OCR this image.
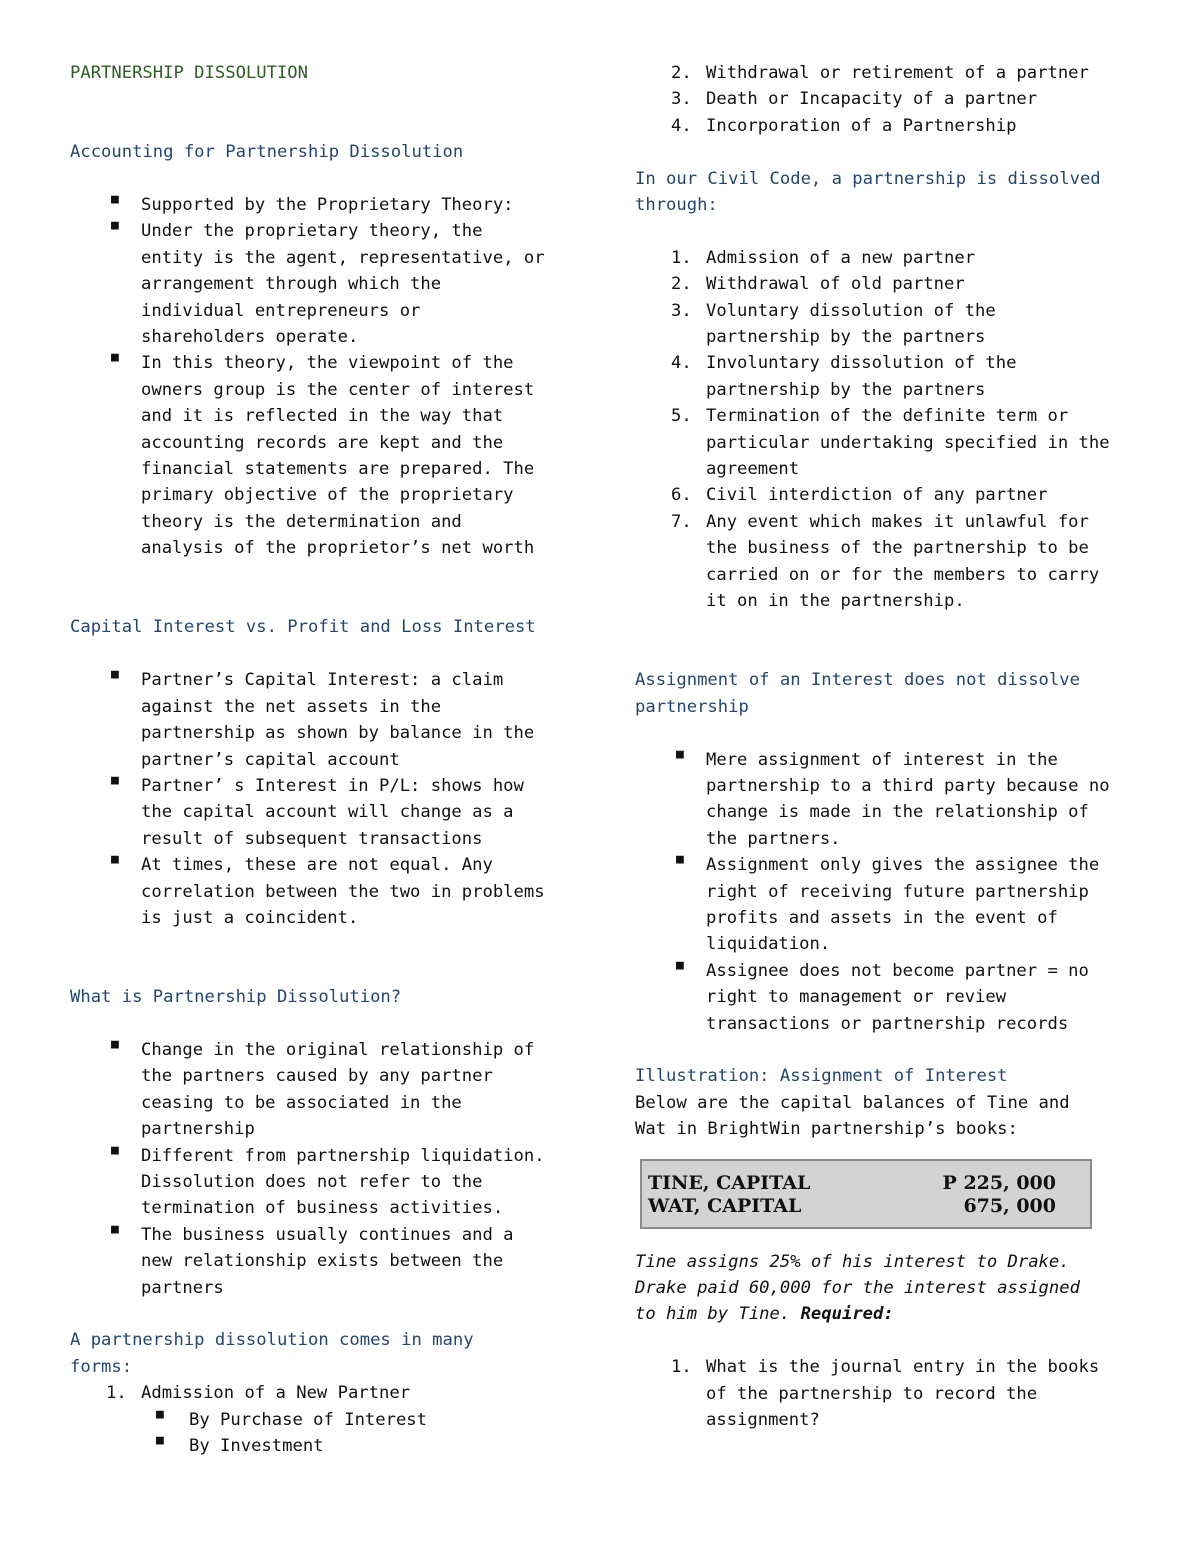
PARTNERSHIP DISSOLUTION

Accounting for Partnership Dissolution

■ Supported by the Proprietary Theory:

■ Under the proprietary theory, the

entity is the agent, representative, or

arrangement through which the

individual entrepreneurs or

shareholders operate.

■ In this theory, the viewpoint of the

owners group is the center of interest

and it is reflected in the way that

accounting records are kept and the

financial statements are prepared. The

primary objective of the proprietary

theory is the determination and

analysis of the proprietor’s net worth

Capital Interest vs. Profit and Loss Interest

■ Partner’s Capital Interest: a claim

against the net assets in the

partnership as shown by balance in the

partner’s capital account

■ Partner’ s Interest in P/L: shows how

the capital account will change as a

result of subsequent transactions

■ At times, these are not equal. Any

correlation between the two in problems

is just a coincident.

What is Partnership Dissolution?

■ Change in the original relationship of

the partners caused by any partner

ceasing to be associated in the

partnership

■ Different from partnership liquidation.

Dissolution does not refer to the

termination of business activities.

■ The business usually continues and a

new relationship exists between the

partners

A partnership dissolution comes in many

forms:

1. Admission of a New Partner

■ By Purchase of Interest

■ By Investment

2. Withdrawal or retirement of a partner

3. Death or Incapacity of a partner

4. Incorporation of a Partnership

In our Civil Code, a partnership is dissolved

through:

1. Admission of a new partner

2. Withdrawal of old partner

3. Voluntary dissolution of the

partnership by the partners

4. Involuntary dissolution of the

partnership by the partners

5. Termination of the definite term or

particular undertaking specified in the

agreement

6. Civil interdiction of any partner

7. Any event which makes it unlawful for

the business of the partnership to be

carried on or for the members to carry

it on in the partnership.

Assignment of an Interest does not dissolve

partnership

■ Mere assignment of interest in the

partnership to a third party because no

change is made in the relationship of

the partners.

■ Assignment only gives the assignee the

right of receiving future partnership

profits and assets in the event of

liquidation.

■ Assignee does not become partner = no

right to management or review

transactions or partnership records

Illustration: Assignment of Interest

Below are the capital balances of Tine and

Wat in BrightWin partnership’s books:

TINE, CAPITAL	P 225, 000
WAT, CAPITAL	675, 000

Tine assigns 25% of his interest to Drake.

Drake paid 60,000 for the interest assigned

to him by Tine. Required:

1. What is the journal entry in the books

of the partnership to record the

assignment?
